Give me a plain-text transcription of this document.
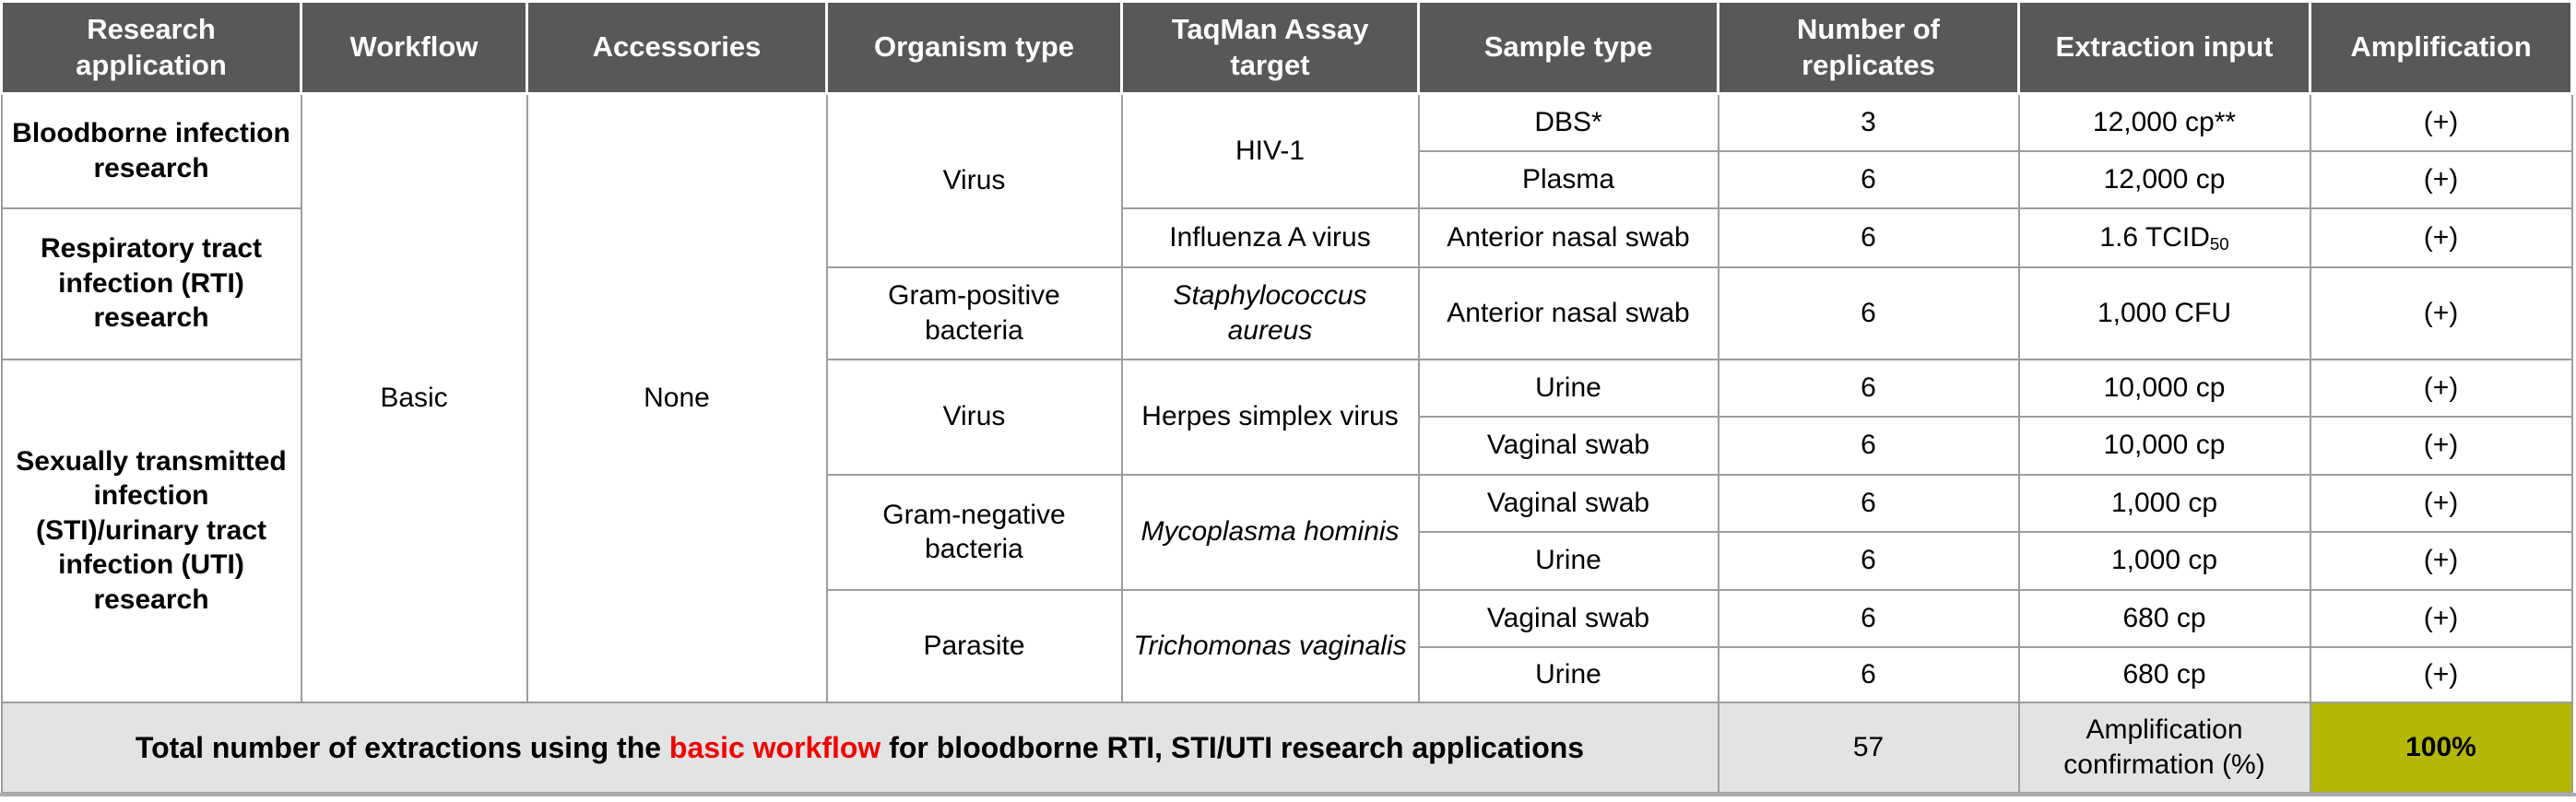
Research application	Workflow	Accessories	Organism type	TaqMan Assay target	Sample type	Number of replicates	Extraction input	Amplification
Bloodborne infection research	Basic	None	Virus	HIV-1	DBS*	3	12,000 cp**	(+)
					Plasma	6	12,000 cp	(+)
Respiratory tract infection (RTI) research				Influenza A virus	Anterior nasal swab	6	1.6 $TCID_{50}$	(+)
			Gram-positive bacteria	Staphylococcus aureus	Anterior nasal swab	6	1,000 CFU	(+)
Sexually transmitted infection (STI)/urinary tract infection (UTI) research			Virus	Herpes simplex virus	Urine	6	10,000 cp	(+)
					Vaginal swab	6	10,000 cp	(+)
			Gram-negative bacteria	Mycoplasma hominis	Vaginal swab	6	1,000 cp	(+)
					Urine	6	1,000 cp	(+)
			Parasite	Trichomonas vaginalis	Vaginal swab	6	680 cp	(+)
					Urine	6	680 cp	(+)
Total number of extractions using the basic workflow for bloodborne RTI, STI/UTI research applications						57	Amplification confirmation (%)	100%
